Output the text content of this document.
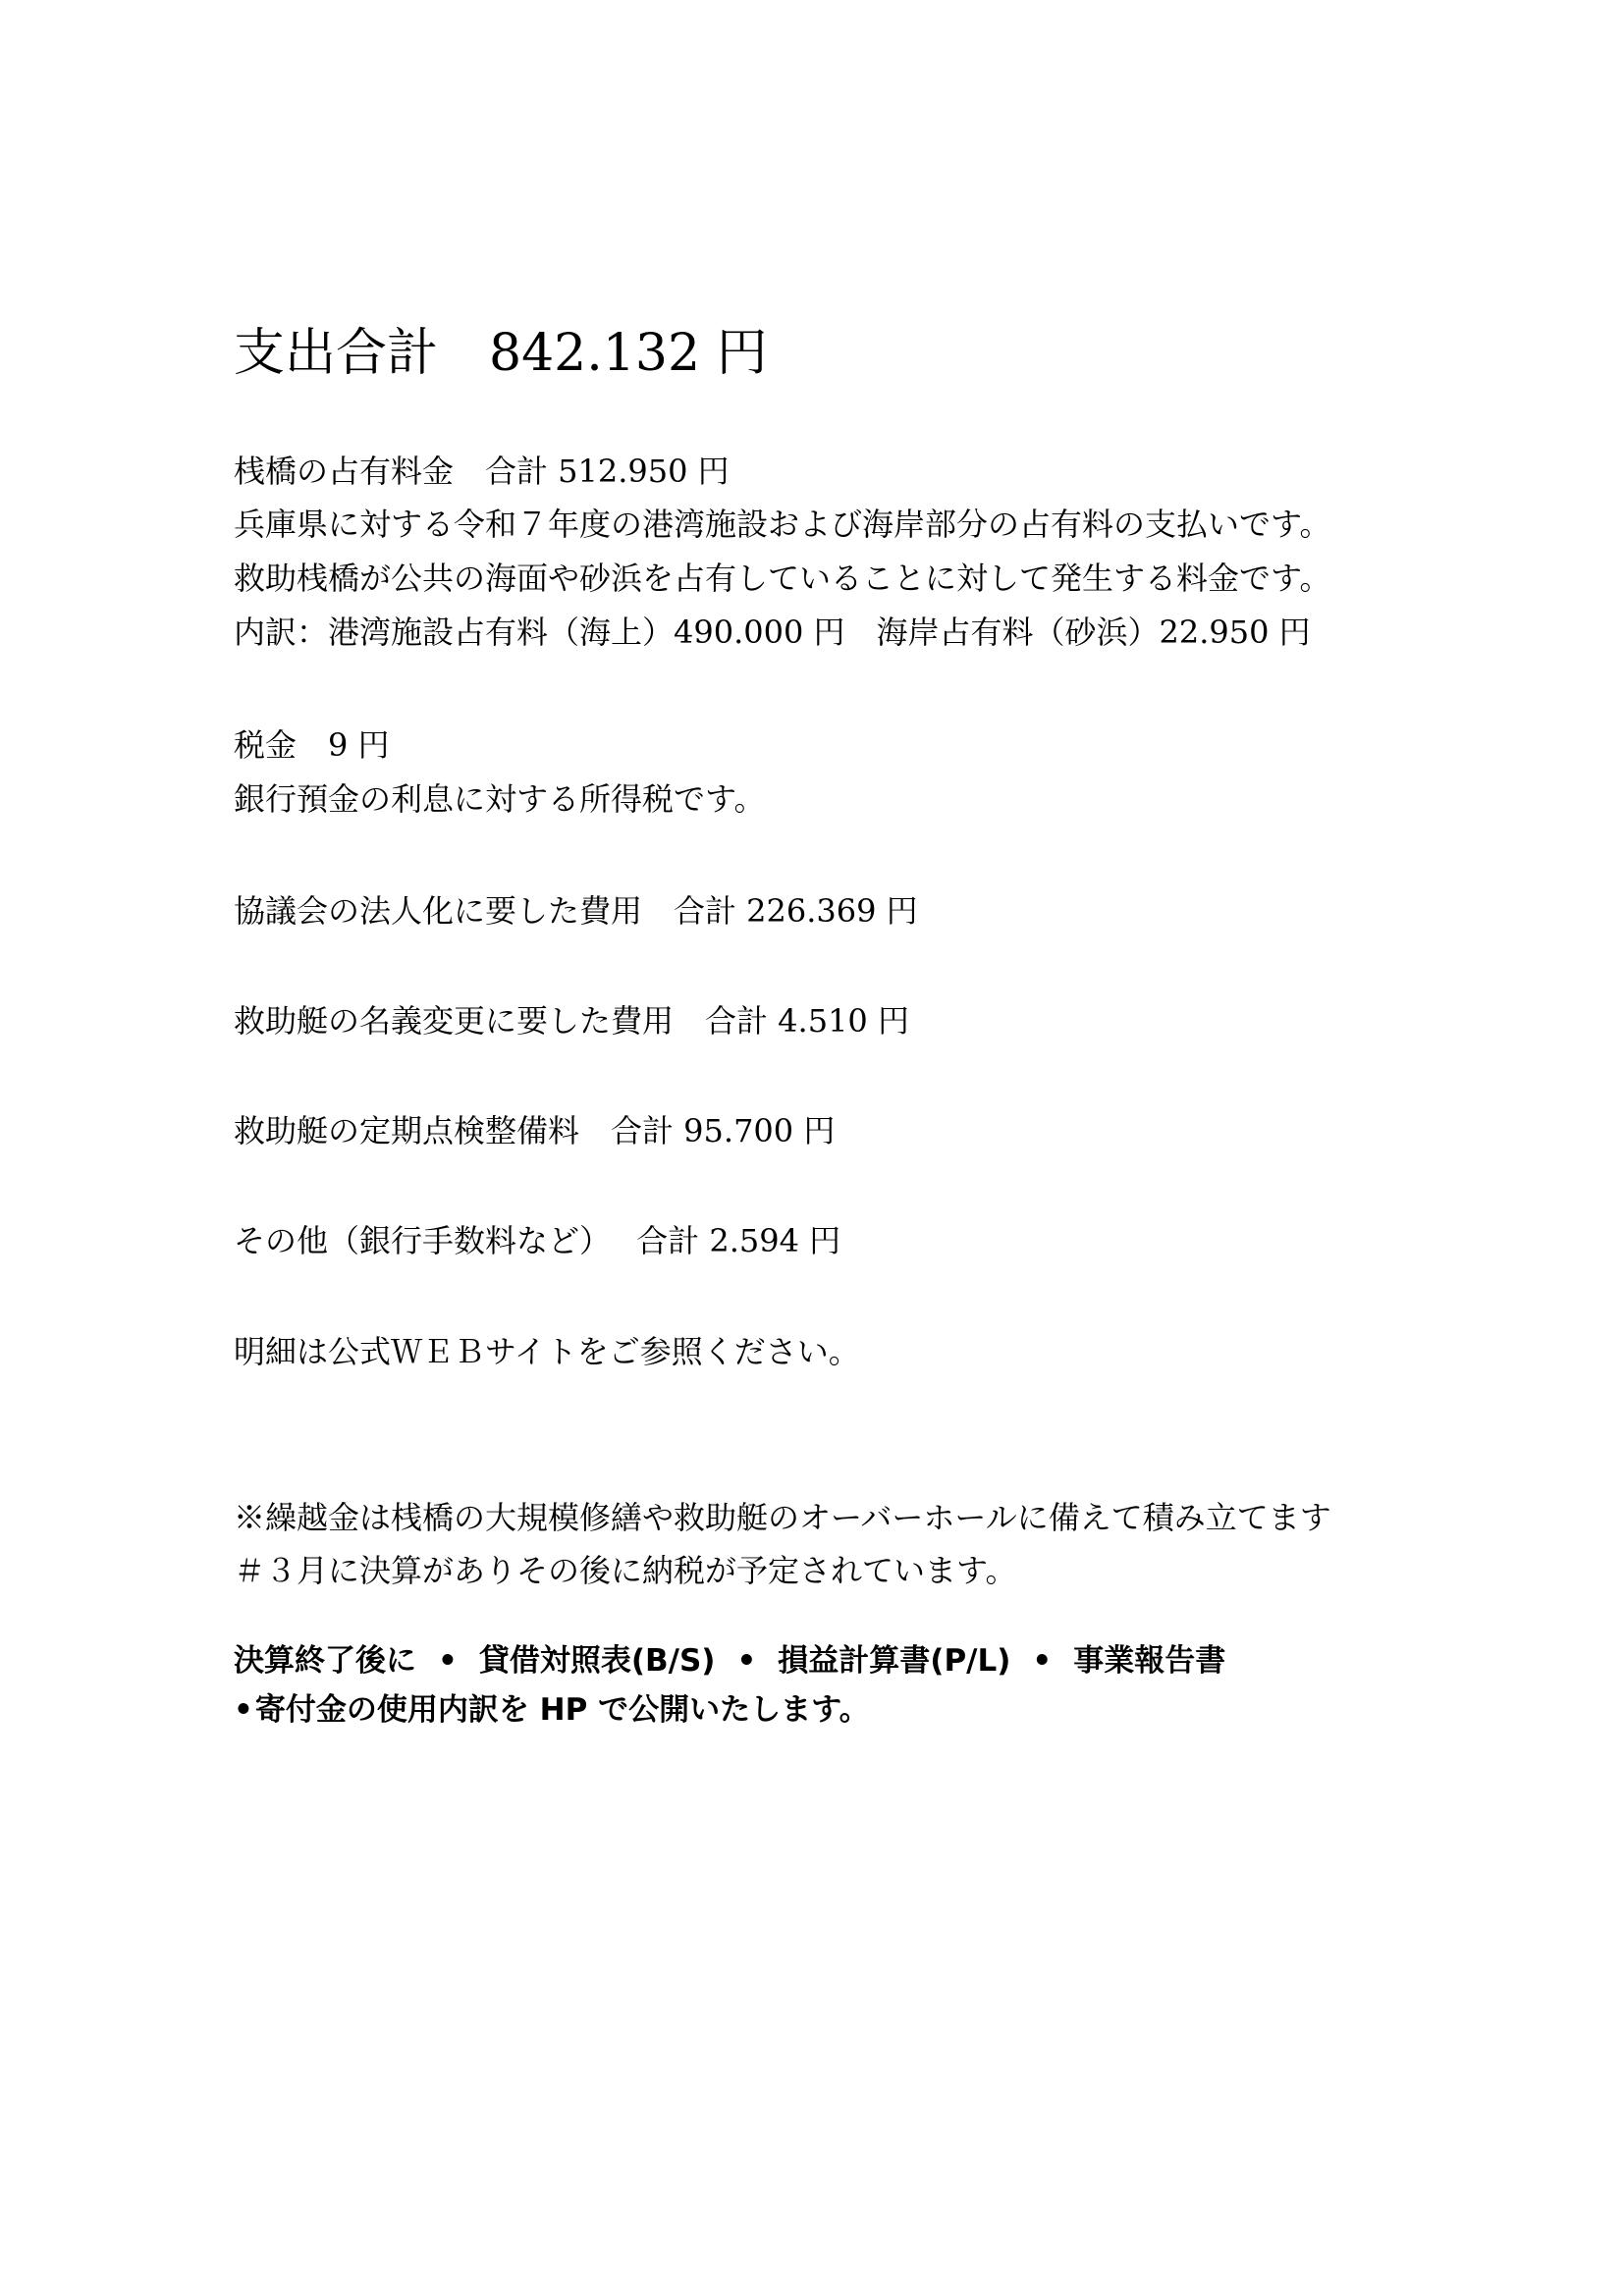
支出合計　842.132 円
桟橋の占有料金　合計 512.950 円
兵庫県に対する令和７年度の港湾施設および海岸部分の占有料の支払いです。
救助桟橋が公共の海面や砂浜を占有していることに対して発生する料金です。
内訳：港湾施設占有料（海上）490.000 円　海岸占有料（砂浜）22.950 円
税金　9 円
銀行預金の利息に対する所得税です。
協議会の法人化に要した費用　合計 226.369 円
救助艇の名義変更に要した費用　合計 4.510 円
救助艇の定期点検整備料　合計 95.700 円
その他（銀行手数料など）　 合計 2.594 円
明細は公式ＷＥＢサイトをご参照ください。
※繰越金は桟橋の大規模修繕や救助艇のオーバーホールに備えて積み立てます
＃３月に決算がありその後に納税が予定されています。
決算終了後に • 貸借対照表(B/S) • 損益計算書(P/L) • 事業報告書
•寄付金の使用内訳を HP で公開いたします。
